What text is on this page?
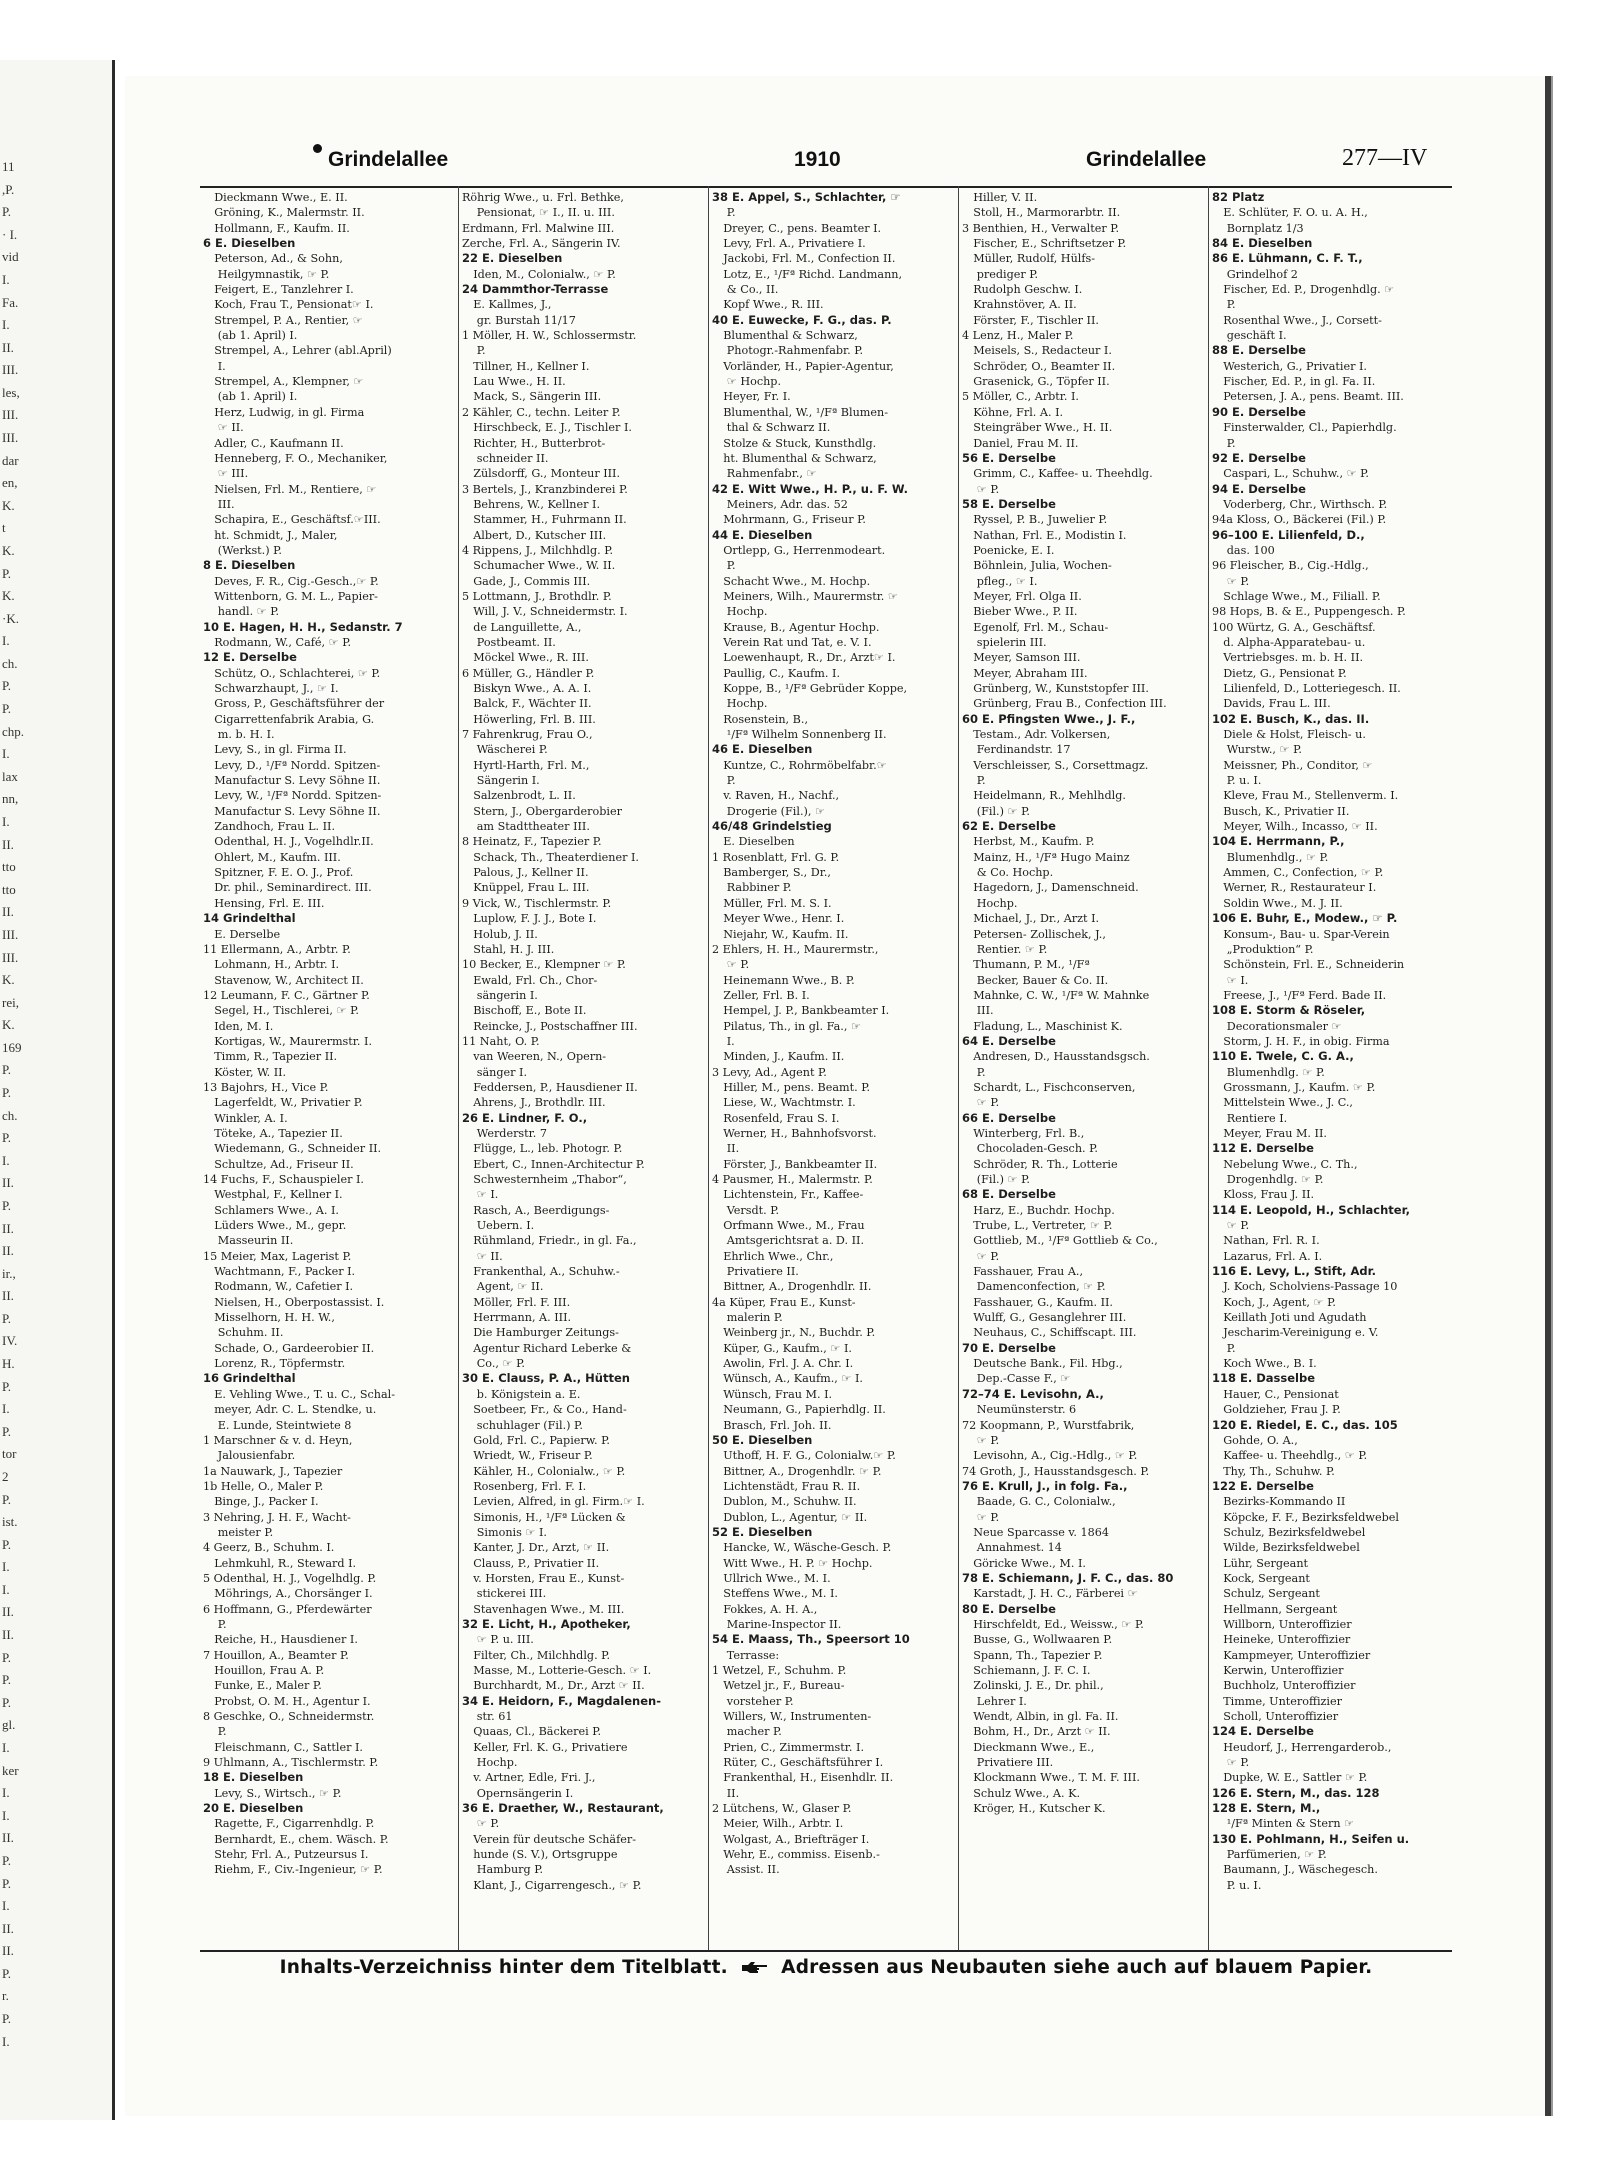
11
,P.
P.
· I.
vid
I.
Fa.
I.
II.
III.
les,
III.
III.
dar
en,
K.
t
K.
P.
K.
·K.
I.
ch.
P.
P.
chp.
I.
lax
nn,
I.
II.
tto
tto
II.
III.
III.
K.
rei,
K.
169
P.
P.
ch.
P.
I.
II.
P.
II.
II.
ir.,
II.
P.
IV.
H.
P.
I.
P.
tor
2
P.
ist.
P.
I.
I.
II.
II.
P.
P.
P.
gl.
I.
ker
I.
I.
II.
P.
P.
I.
II.
II.
P.
r.
P.
I.
Grindelallee	1910	Grindelallee	277—IV
 Dieckmann Wwe., E. II.
 Gröning, K., Malermstr. II.
 Hollmann, F., Kaufm. II.
6 E. Dieselben
 Peterson, Ad., & Sohn,
  Heilgymnastik, ☞ P.
 Feigert, E., Tanzlehrer I.
 Koch, Frau T., Pensionat☞ I.
 Strempel, P. A., Rentier, ☞
  (ab 1. April) I.
 Strempel, A., Lehrer (abl.April)
  I.
 Strempel, A., Klempner, ☞
  (ab 1. April) I.
 Herz, Ludwig, in gl. Firma
  ☞ II.
 Adler, C., Kaufmann II.
 Henneberg, F. O., Mechaniker,
  ☞ III.
 Nielsen, Frl. M., Rentiere, ☞
  III.
 Schapira, E., Geschäftsf.☞III.
 ht. Schmidt, J., Maler,
  (Werkst.) P.
8 E. Dieselben
 Deves, F. R., Cig.-Gesch.,☞ P.
 Wittenborn, G. M. L., Papier-
  handl. ☞ P.
10 E. Hagen, H. H., Sedanstr. 7
 Rodmann, W., Café, ☞ P.
12 E. Derselbe
 Schütz, O., Schlachterei, ☞ P.
 Schwarzhaupt, J., ☞ I.
 Gross, P., Geschäftsführer der
 Cigarrettenfabrik Arabia, G.
  m. b. H. I.
 Levy, S., in gl. Firma II.
 Levy, D., ¹/Fª Nordd. Spitzen-
 Manufactur S. Levy Söhne II.
 Levy, W., ¹/Fª Nordd. Spitzen-
 Manufactur S. Levy Söhne II.
 Zandhoch, Frau L. II.
 Odenthal, H. J., Vogelhdlr.II.
 Ohlert, M., Kaufm. III.
 Spitzner, F. E. O. J., Prof.
 Dr. phil., Seminardirect. III.
 Hensing, Frl. E. III.
14 Grindelthal
 E. Derselbe
11 Ellermann, A., Arbtr. P.
 Lohmann, H., Arbtr. I.
 Stavenow, W., Architect II.
12 Leumann, F. C., Gärtner P.
 Segel, H., Tischlerei, ☞ P.
 Iden, M. I.
 Kortigas, W., Maurermstr. I.
 Timm, R., Tapezier II.
 Köster, W. II.
13 Bajohrs, H., Vice P.
 Lagerfeldt, W., Privatier P.
 Winkler, A. I.
 Töteke, A., Tapezier II.
 Wiedemann, G., Schneider II.
 Schultze, Ad., Friseur II.
14 Fuchs, F., Schauspieler I.
 Westphal, F., Kellner I.
 Schlamers Wwe., A. I.
 Lüders Wwe., M., gepr.
  Masseurin II.
15 Meier, Max, Lagerist P.
 Wachtmann, F., Packer I.
 Rodmann, W., Cafetier I.
 Nielsen, H., Oberpostassist. I.
 Misselhorn, H. H. W.,
  Schuhm. II.
 Schade, O., Gardeerobier II.
 Lorenz, R., Töpfermstr.
16 Grindelthal
 E. Vehling Wwe., T. u. C., Schal-
 meyer, Adr. C. L. Stendke, u.
  E. Lunde, Steintwiete 8
1 Marschner & v. d. Heyn,
  Jalousienfabr.
1a Nauwark, J., Tapezier
1b Helle, O., Maler P.
 Binge, J., Packer I.
3 Nehring, J. H. F., Wacht-
  meister P.
4 Geerz, B., Schuhm. I.
 Lehmkuhl, R., Steward I.
5 Odenthal, H. J., Vogelhdlg. P.
 Möhrings, A., Chorsänger I.
6 Hoffmann, G., Pferdewärter
  P.
 Reiche, H., Hausdiener I.
7 Houillon, A., Beamter P.
 Houillon, Frau A. P.
 Funke, E., Maler P.
 Probst, O. M. H., Agentur I.
8 Geschke, O., Schneidermstr.
  P.
 Fleischmann, C., Sattler I.
9 Uhlmann, A., Tischlermstr. P.
18 E. Dieselben
 Levy, S., Wirtsch., ☞ P.
20 E. Dieselben
 Ragette, F., Cigarrenhdlg. P.
 Bernhardt, E., chem. Wäsch. P.
 Stehr, Frl. A., Putzeursus I.
 Riehm, F., Civ.-Ingenieur, ☞ P.
Röhrig Wwe., u. Frl. Bethke,
  Pensionat, ☞ I., II. u. III.
Erdmann, Frl. Malwine III.
Zerche, Frl. A., Sängerin IV.
22 E. Dieselben
 Iden, M., Colonialw., ☞ P.
24 Dammthor-Terrasse
 E. Kallmes, J.,
  gr. Burstah 11/17
1 Möller, H. W., Schlossermstr.
  P.
 Tillner, H., Kellner I.
 Lau Wwe., H. II.
 Mack, S., Sängerin III.
2 Kähler, C., techn. Leiter P.
 Hirschbeck, E. J., Tischler I.
 Richter, H., Butterbrot-
  schneider II.
 Zülsdorff, G., Monteur III.
3 Bertels, J., Kranzbinderei P.
 Behrens, W., Kellner I.
 Stammer, H., Fuhrmann II.
 Albert, D., Kutscher III.
4 Rippens, J., Milchhdlg. P.
 Schumacher Wwe., W. II.
 Gade, J., Commis III.
5 Lottmann, J., Brothdlr. P.
 Will, J. V., Schneidermstr. I.
 de Languillette, A.,
  Postbeamt. II.
 Möckel Wwe., R. III.
6 Müller, G., Händler P.
 Biskyn Wwe., A. A. I.
 Balck, F., Wächter II.
 Höwerling, Frl. B. III.
7 Fahrenkrug, Frau O.,
  Wäscherei P.
 Hyrtl-Harth, Frl. M.,
  Sängerin I.
 Salzenbrodt, L. II.
 Stern, J., Obergarderobier
  am Stadttheater III.
8 Heinatz, F., Tapezier P.
 Schack, Th., Theaterdiener I.
 Palous, J., Kellner II.
 Knüppel, Frau L. III.
9 Vick, W., Tischlermstr. P.
 Luplow, F. J. J., Bote I.
 Holub, J. II.
 Stahl, H. J. III.
10 Becker, E., Klempner ☞ P.
 Ewald, Frl. Ch., Chor-
  sängerin I.
 Bischoff, E., Bote II.
 Reincke, J., Postschaffner III.
11 Naht, O. P.
 van Weeren, N., Opern-
  sänger I.
 Feddersen, P., Hausdiener II.
 Ahrens, J., Brothdlr. III.
26 E. Lindner, F. O.,
  Werderstr. 7
 Flügge, L., leb. Photogr. P.
 Ebert, C., Innen-Architectur P.
 Schwesternheim „Thabor“,
  ☞ I.
 Rasch, A., Beerdigungs-
  Uebern. I.
 Rühmland, Friedr., in gl. Fa.,
  ☞ II.
 Frankenthal, A., Schuhw.-
  Agent, ☞ II.
 Möller, Frl. F. III.
 Herrmann, A. III.
 Die Hamburger Zeitungs-
 Agentur Richard Leberke &
  Co., ☞ P.
30 E. Clauss, P. A., Hütten
  b. Königstein a. E.
 Soetbeer, Fr., & Co., Hand-
  schuhlager (Fil.) P.
 Gold, Frl. C., Papierw. P.
 Wriedt, W., Friseur P.
 Kähler, H., Colonialw., ☞ P.
 Rosenberg, Frl. F. I.
 Levien, Alfred, in gl. Firm.☞ I.
 Simonis, H., ¹/Fª Lücken &
  Simonis ☞ I.
 Kanter, J. Dr., Arzt, ☞ II.
 Clauss, P., Privatier II.
 v. Horsten, Frau E., Kunst-
  stickerei III.
 Stavenhagen Wwe., M. III.
32 E. Licht, H., Apotheker,
  ☞ P. u. III.
 Filter, Ch., Milchhdlg. P.
 Masse, M., Lotterie-Gesch. ☞ I.
 Burchhardt, M., Dr., Arzt ☞ II.
34 E. Heidorn, F., Magdalenen-
  str. 61
 Quaas, Cl., Bäckerei P.
 Keller, Frl. K. G., Privatiere
  Hochp.
 v. Artner, Edle, Fri. J.,
  Opernsängerin I.
36 E. Draether, W., Restaurant,
  ☞ P.
 Verein für deutsche Schäfer-
 hunde (S. V.), Ortsgruppe
  Hamburg P.
 Klant, J., Cigarrengesch., ☞ P.
38 E. Appel, S., Schlachter, ☞
  P.
 Dreyer, C., pens. Beamter I.
 Levy, Frl. A., Privatiere I.
 Jackobi, Frl. M., Confection II.
 Lotz, E., ¹/Fª Richd. Landmann,
  & Co., II.
 Kopf Wwe., R. III.
40 E. Euwecke, F. G., das. P.
 Blumenthal & Schwarz,
  Photogr.-Rahmenfabr. P.
 Vorländer, H., Papier-Agentur,
  ☞ Hochp.
 Heyer, Fr. I.
 Blumenthal, W., ¹/Fª Blumen-
  thal & Schwarz II.
 Stolze & Stuck, Kunsthdlg.
 ht. Blumenthal & Schwarz,
  Rahmenfabr., ☞
42 E. Witt Wwe., H. P., u. F. W.
  Meiners, Adr. das. 52
 Mohrmann, G., Friseur P.
44 E. Dieselben
 Ortlepp, G., Herrenmodeart.
  P.
 Schacht Wwe., M. Hochp.
 Meiners, Wilh., Maurermstr. ☞
  Hochp.
 Krause, B., Agentur Hochp.
 Verein Rat und Tat, e. V. I.
 Loewenhaupt, R., Dr., Arzt☞ I.
 Paullig, C., Kaufm. I.
 Koppe, B., ¹/Fª Gebrüder Koppe,
  Hochp.
 Rosenstein, B.,
  ¹/Fª Wilhelm Sonnenberg II.
46 E. Dieselben
 Kuntze, C., Rohrmöbelfabr.☞
  P.
 v. Raven, H., Nachf.,
  Drogerie (Fil.), ☞
46/48 Grindelstieg
 E. Dieselben
1 Rosenblatt, Frl. G. P.
 Bamberger, S., Dr.,
  Rabbiner P.
 Müller, Frl. M. S. I.
 Meyer Wwe., Henr. I.
 Niejahr, W., Kaufm. II.
2 Ehlers, H. H., Maurermstr.,
  ☞ P.
 Heinemann Wwe., B. P.
 Zeller, Frl. B. I.
 Hempel, J. P., Bankbeamter I.
 Pilatus, Th., in gl. Fa., ☞
  I.
 Minden, J., Kaufm. II.
3 Levy, Ad., Agent P.
 Hiller, M., pens. Beamt. P.
 Liese, W., Wachtmstr. I.
 Rosenfeld, Frau S. I.
 Werner, H., Bahnhofsvorst.
  II.
 Förster, J., Bankbeamter II.
4 Pausmer, H., Malermstr. P.
 Lichtenstein, Fr., Kaffee-
  Versdt. P.
 Orfmann Wwe., M., Frau
  Amtsgerichtsrat a. D. II.
 Ehrlich Wwe., Chr.,
  Privatiere II.
 Bittner, A., Drogenhdlr. II.
4a Küper, Frau E., Kunst-
  malerin P.
 Weinberg jr., N., Buchdr. P.
 Küper, G., Kaufm., ☞ I.
 Awolin, Frl. J. A. Chr. I.
 Wünsch, A., Kaufm., ☞ I.
 Wünsch, Frau M. I.
 Neumann, G., Papierhdlg. II.
 Brasch, Frl. Joh. II.
50 E. Dieselben
 Uthoff, H. F. G., Colonialw.☞ P.
 Bittner, A., Drogenhdlr. ☞ P.
 Lichtenstädt, Frau R. II.
 Dublon, M., Schuhw. II.
 Dublon, L., Agentur, ☞ II.
52 E. Dieselben
 Hancke, W., Wäsche-Gesch. P.
 Witt Wwe., H. P. ☞ Hochp.
 Ullrich Wwe., M. I.
 Steffens Wwe., M. I.
 Fokkes, A. H. A.,
  Marine-Inspector II.
54 E. Maass, Th., Speersort 10
  Terrasse:
1 Wetzel, F., Schuhm. P.
 Wetzel jr., F., Bureau-
  vorsteher P.
 Willers, W., Instrumenten-
  macher P.
 Prien, C., Zimmermstr. I.
 Rüter, C., Geschäftsführer I.
 Frankenthal, H., Eisenhdlr. II.
  II.
2 Lütchens, W., Glaser P.
 Meier, Wilh., Arbtr. I.
 Wolgast, A., Briefträger I.
 Wehr, E., commiss. Eisenb.-
  Assist. II.
 Hiller, V. II.
 Stoll, H., Marmorarbtr. II.
3 Benthien, H., Verwalter P.
 Fischer, E., Schriftsetzer P.
 Müller, Rudolf, Hülfs-
  prediger P.
 Rudolph Geschw. I.
 Krahnstöver, A. II.
 Förster, F., Tischler II.
4 Lenz, H., Maler P.
 Meisels, S., Redacteur I.
 Schröder, O., Beamter II.
 Grasenick, G., Töpfer II.
5 Möller, C., Arbtr. I.
 Köhne, Frl. A. I.
 Steingräber Wwe., H. II.
 Daniel, Frau M. II.
56 E. Derselbe
 Grimm, C., Kaffee- u. Theehdlg.
  ☞ P.
58 E. Derselbe
 Ryssel, P. B., Juwelier P.
 Nathan, Frl. E., Modistin I.
 Poenicke, E. I.
 Böhnlein, Julia, Wochen-
  pfleg., ☞ I.
 Meyer, Frl. Olga II.
 Bieber Wwe., P. II.
 Egenolf, Frl. M., Schau-
  spielerin III.
 Meyer, Samson III.
 Meyer, Abraham III.
 Grünberg, W., Kunststopfer III.
 Grünberg, Frau B., Confection III.
60 E. Pfingsten Wwe., J. F.,
 Testam., Adr. Volkersen,
  Ferdinandstr. 17
 Verschleisser, S., Corsettmagz.
  P.
 Heidelmann, R., Mehlhdlg.
  (Fil.) ☞ P.
62 E. Derselbe
 Herbst, M., Kaufm. P.
 Mainz, H., ¹/Fª Hugo Mainz
  & Co. Hochp.
 Hagedorn, J., Damenschneid.
  Hochp.
 Michael, J., Dr., Arzt I.
 Petersen- Zollischek, J.,
  Rentier. ☞ P.
 Thumann, P. M., ¹/Fª
  Becker, Bauer & Co. II.
 Mahnke, C. W., ¹/Fª W. Mahnke
  III.
 Fladung, L., Maschinist K.
64 E. Derselbe
 Andresen, D., Hausstandsgsch.
  P.
 Schardt, L., Fischconserven,
  ☞ P.
66 E. Derselbe
 Winterberg, Frl. B.,
  Chocoladen-Gesch. P.
 Schröder, R. Th., Lotterie
  (Fil.) ☞ P.
68 E. Derselbe
 Harz, E., Buchdr. Hochp.
 Trube, L., Vertreter, ☞ P.
 Gottlieb, M., ¹/Fª Gottlieb & Co.,
  ☞ P.
 Fasshauer, Frau A.,
  Damenconfection, ☞ P.
 Fasshauer, G., Kaufm. II.
 Wulff, G., Gesanglehrer III.
 Neuhaus, C., Schiffscapt. III.
70 E. Derselbe
 Deutsche Bank., Fil. Hbg.,
  Dep.-Casse F., ☞
72–74 E. Levisohn, A.,
  Neumünsterstr. 6
72 Koopmann, P., Wurstfabrik,
  ☞ P.
 Levisohn, A., Cig.-Hdlg., ☞ P.
74 Groth, J., Hausstandsgesch. P.
76 E. Krull, J., in folg. Fa.,
  Baade, G. C., Colonialw.,
  ☞ P.
 Neue Sparcasse v. 1864
  Annahmest. 14
 Göricke Wwe., M. I.
78 E. Schiemann, J. F. C., das. 80
 Karstadt, J. H. C., Färberei ☞
80 E. Derselbe
 Hirschfeldt, Ed., Weissw., ☞ P.
 Busse, G., Wollwaaren P.
 Spann, Th., Tapezier P.
 Schiemann, J. F. C. I.
 Zolinski, J. E., Dr. phil.,
  Lehrer I.
 Wendt, Albin, in gl. Fa. II.
 Bohm, H., Dr., Arzt ☞ II.
 Dieckmann Wwe., E.,
  Privatiere III.
 Klockmann Wwe., T. M. F. III.
 Schulz Wwe., A. K.
 Kröger, H., Kutscher K.
82 Platz
 E. Schlüter, F. O. u. A. H.,
  Bornplatz 1/3
84 E. Dieselben
86 E. Lühmann, C. F. T.,
  Grindelhof 2
 Fischer, Ed. P., Drogenhdlg. ☞
  P.
 Rosenthal Wwe., J., Corsett-
  geschäft I.
88 E. Derselbe
 Westerich, G., Privatier I.
 Fischer, Ed. P., in gl. Fa. II.
 Petersen, J. A., pens. Beamt. III.
90 E. Derselbe
 Finsterwalder, Cl., Papierhdlg.
  P.
92 E. Derselbe
 Caspari, L., Schuhw., ☞ P.
94 E. Derselbe
 Voderberg, Chr., Wirthsch. P.
94a Kloss, O., Bäckerei (Fil.) P.
96–100 E. Lilienfeld, D.,
  das. 100
96 Fleischer, B., Cig.-Hdlg.,
  ☞ P.
 Schlage Wwe., M., Filiall. P.
98 Hops, B. & E., Puppengesch. P.
100 Würtz, G. A., Geschäftsf.
 d. Alpha-Apparatebau- u.
 Vertriebsges. m. b. H. II.
 Dietz, G., Pensionat P.
 Lilienfeld, D., Lotteriegesch. II.
 Davids, Frau L. III.
102 E. Busch, K., das. II.
 Diele & Holst, Fleisch- u.
  Wurstw., ☞ P.
 Meissner, Ph., Conditor, ☞
  P. u. I.
 Kleve, Frau M., Stellenverm. I.
 Busch, K., Privatier II.
 Meyer, Wilh., Incasso, ☞ II.
104 E. Herrmann, P.,
  Blumenhdlg., ☞ P.
 Ammen, C., Confection, ☞ P.
 Werner, R., Restaurateur I.
 Soldin Wwe., M. J. II.
106 E. Buhr, E., Modew., ☞ P.
 Konsum-, Bau- u. Spar-Verein
  „Produktion“ P.
 Schönstein, Frl. E., Schneiderin
  ☞ I.
 Freese, J., ¹/Fª Ferd. Bade II.
108 E. Storm & Röseler,
  Decorationsmaler ☞
 Storm, J. H. F., in obig. Firma
110 E. Twele, C. G. A.,
  Blumenhdlg. ☞ P.
 Grossmann, J., Kaufm. ☞ P.
 Mittelstein Wwe., J. C.,
  Rentiere I.
 Meyer, Frau M. II.
112 E. Derselbe
 Nebelung Wwe., C. Th.,
  Drogenhdlg. ☞ P.
 Kloss, Frau J. II.
114 E. Leopold, H., Schlachter,
  ☞ P.
 Nathan, Frl. R. I.
 Lazarus, Frl. A. I.
116 E. Levy, L., Stift, Adr.
 J. Koch, Scholviens-Passage 10
 Koch, J., Agent, ☞ P.
 Keillath Joti und Agudath
 Jescharim-Vereinigung e. V.
  P.
 Koch Wwe., B. I.
118 E. Dasselbe
 Hauer, C., Pensionat
 Goldzieher, Frau J. P.
120 E. Riedel, E. C., das. 105
 Gohde, O. A.,
 Kaffee- u. Theehdlg., ☞ P.
 Thy, Th., Schuhw. P.
122 E. Derselbe
 Bezirks-Kommando II
 Köpcke, F. F., Bezirksfeldwebel
 Schulz, Bezirksfeldwebel
 Wilde, Bezirksfeldwebel
 Lühr, Sergeant
 Kock, Sergeant
 Schulz, Sergeant
 Hellmann, Sergeant
 Willborn, Unteroffizier
 Heineke, Unteroffizier
 Kampmeyer, Unteroffizier
 Kerwin, Unteroffizier
 Buchholz, Unteroffizier
 Timme, Unteroffizier
 Scholl, Unteroffizier
124 E. Derselbe
 Heudorf, J., Herrengarderob.,
  ☞ P.
 Dupke, W. E., Sattler ☞ P.
126 E. Stern, M., das. 128
128 E. Stern, M.,
  ¹/Fª Minten & Stern ☞
130 E. Pohlmann, H., Seifen u.
  Parfümerien, ☞ P.
 Baumann, J., Wäschegesch.
  P. u. I.
Inhalts-Verzeichniss hinter dem Titelblatt.	Adressen aus Neubauten siehe auch auf blauem Papier.
